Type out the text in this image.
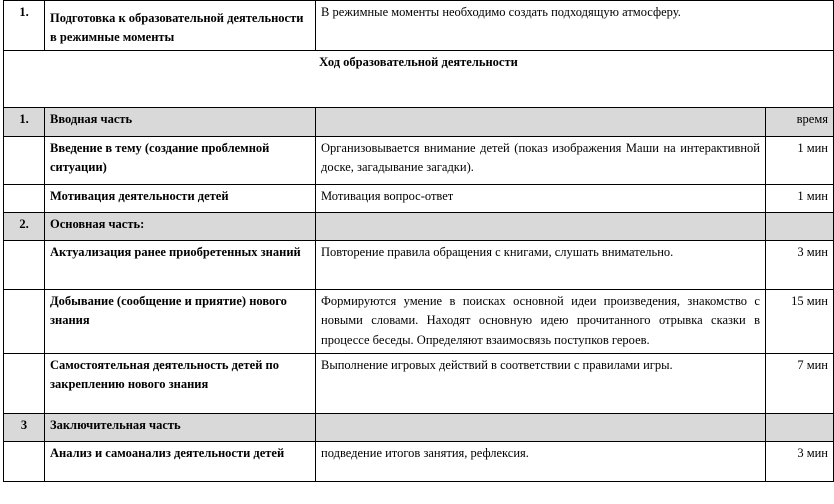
1.	Подготовка к образовательной деятельности в режимные моменты	В режимные моменты необходимо создать подходящую атмосферу.	
Ход образовательной деятельности			
1.	Вводная часть		время
	Введение в тему (создание проблемной ситуации)	Организовывается внимание детей (показ изображения Маши на интерактивной доске, загадывание загадки).	1 мин
	Мотивация деятельности детей	Мотивация вопрос-ответ	1 мин
2.	Основная часть:		
	Актуализация ранее приобретенных знаний	Повторение правила обращения с книгами, слушать внимательно.	3 мин
	Добывание (сообщение и приятие) нового знания	Формируются умение в поисках основной идеи произведения, знакомство с новыми словами. Находят основную идею прочитанного отрывка сказки в процессе беседы. Определяют взаимосвязь поступков героев.	15 мин
	Самостоятельная деятельность детей по закреплению нового знания	Выполнение игровых действий в соответствии с правилами игры.	7 мин
3	Заключительная часть		
	Анализ и самоанализ деятельности детей	подведение итогов занятия, рефлексия.	3 мин
